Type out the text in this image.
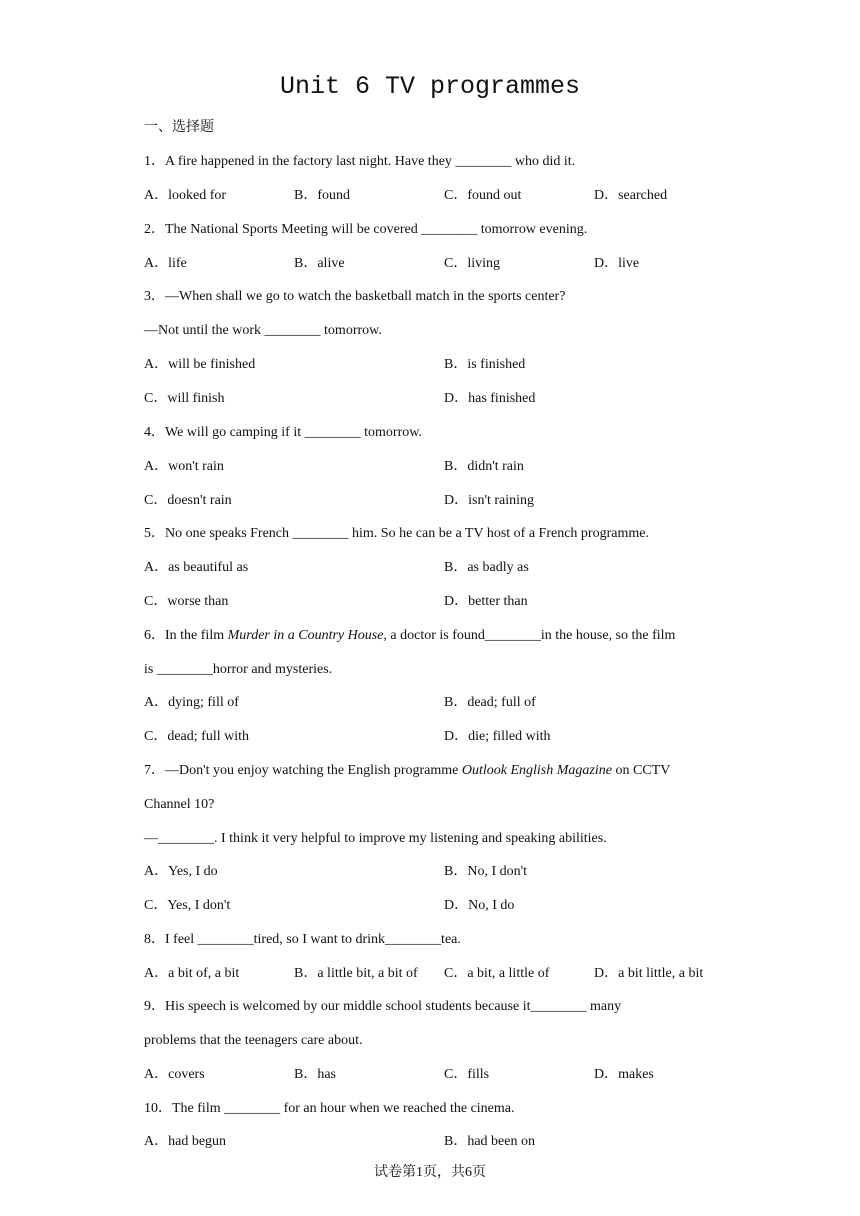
Unit 6 TV programmes
一、选择题
1．A fire happened in the factory last night. Have they ________ who did it.
A．looked for	B．found	C．found out	D．searched
2．The National Sports Meeting will be covered ________ tomorrow evening.
A．life	B．alive	C．living	D．live
3．—When shall we go to watch the basketball match in the sports center?
—Not until the work ________ tomorrow.
A．will be finished	B．is finished
C．will finish	D．has finished
4．We will go camping if it ________ tomorrow.
A．won't rain	B．didn't rain
C．doesn't rain	D．isn't raining
5．No one speaks French ________ him. So he can be a TV host of a French programme.
A．as beautiful as	B．as badly as
C．worse than	D．better than
6．In the film Murder in a Country House, a doctor is found________in the house, so the film
is ________horror and mysteries.
A．dying; fill of	B．dead; full of
C．dead; full with	D．die; filled with
7．—Don't you enjoy watching the English programme Outlook English Magazine on CCTV
Channel 10?
—________. I think it very helpful to improve my listening and speaking abilities.
A．Yes, I do	B．No, I don't
C．Yes, I don't	D．No, I do
8．I feel ________tired, so I want to drink________tea.
A．a bit of, a bit	B．a little bit, a bit of C．a bit, a little of	D．a bit little, a bit
9．His speech is welcomed by our middle school students because it________ many
problems that the teenagers care about.
A．covers	B．has	C．fills	D．makes
10．The film ________ for an hour when we reached the cinema.
A．had begun	B．had been on
试卷第1页，共6页
